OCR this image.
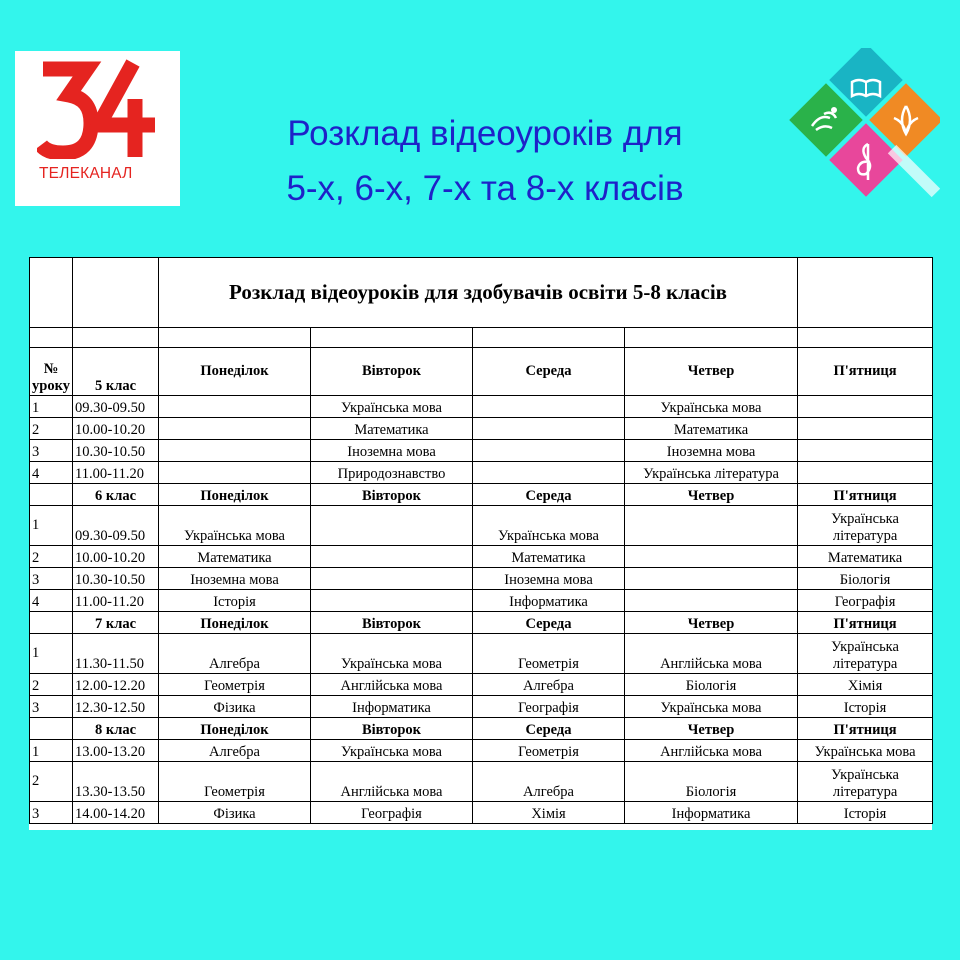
ТЕЛЕКАНАЛ
Розклад відеоуроків для
5-х, 6-х, 7-х та 8-х класів
		Розклад відеоуроків для здобувачів освіти 5-8 класів				

№ уроку	5 клас	Понеділок	Вівторок	Середа	Четвер	П'ятниця
1	09.30-09.50		Українська мова		Українська мова	
2	10.00-10.20		Математика		Математика	
3	10.30-10.50		Іноземна мова		Іноземна мова	
4	11.00-11.20		Природознавство		Українська література	
	6 клас	Понеділок	Вівторок	Середа	Четвер	П'ятниця
1	09.30-09.50	Українська мова		Українська мова		Українська література
2	10.00-10.20	Математика		Математика		Математика
3	10.30-10.50	Іноземна мова		Іноземна мова		Біологія
4	11.00-11.20	Історія		Інформатика		Географія
	7 клас	Понеділок	Вівторок	Середа	Четвер	П'ятниця
1	11.30-11.50	Алгебра	Українська мова	Геометрія	Англійська мова	Українська література
2	12.00-12.20	Геометрія	Англійська мова	Алгебра	Біологія	Хімія
3	12.30-12.50	Фізика	Інформатика	Географія	Українська мова	Історія
	8 клас	Понеділок	Вівторок	Середа	Четвер	П'ятниця
1	13.00-13.20	Алгебра	Українська мова	Геометрія	Англійська мова	Українська мова
2	13.30-13.50	Геометрія	Англійська мова	Алгебра	Біологія	Українська література
3	14.00-14.20	Фізика	Географія	Хімія	Інформатика	Історія
